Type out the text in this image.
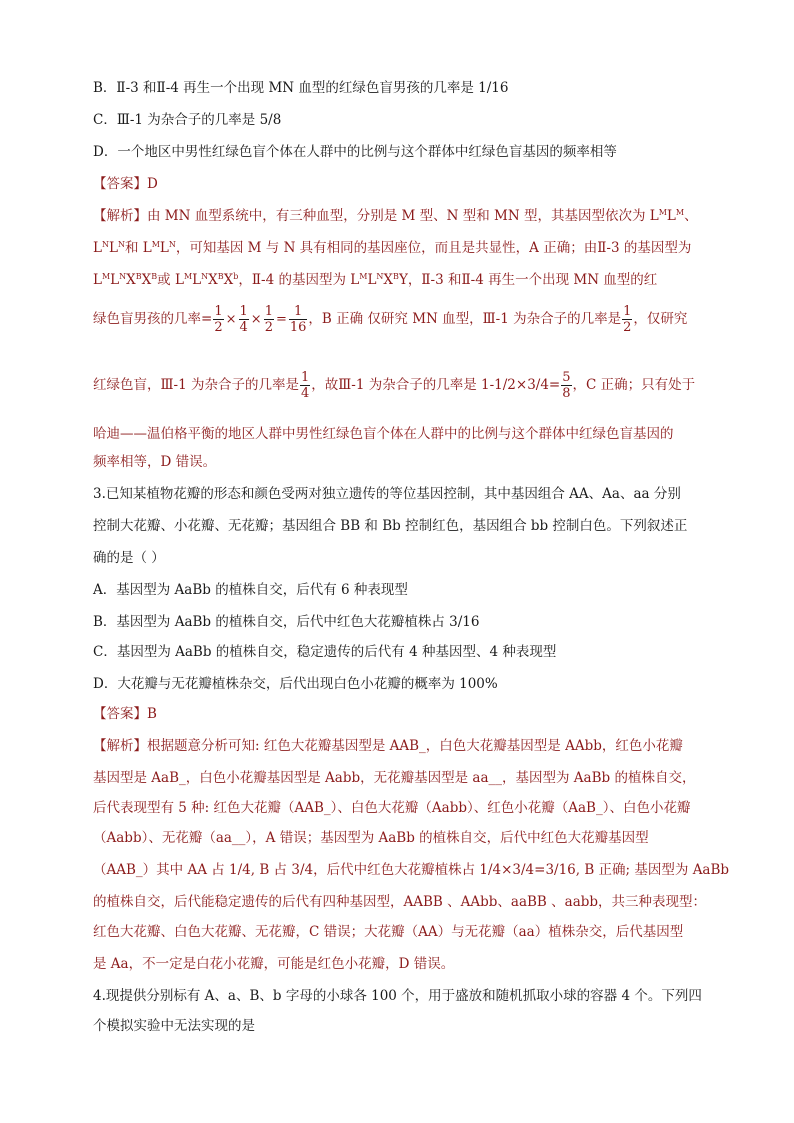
B．Ⅱ-3 和Ⅱ-4 再生一个出现 MN 血型的红绿色盲男孩的几率是 1/16
C．Ⅲ-1 为杂合子的几率是 5/8
D．一个地区中男性红绿色盲个体在人群中的比例与这个群体中红绿色盲基因的频率相等
【答案】D
【解析】由 MN 血型系统中，有三种血型，分别是 M 型、N 型和 MN 型，其基因型依次为 $L^ML^M$、
$L^NL^N$和 $L^ML^N$，可知基因 M 与 N 具有相同的基因座位，而且是共显性，A 正确；由Ⅱ-3 的基因型为
$L^ML^NX^BX^B$或 $L^ML^NX^BX^b$，Ⅱ-4 的基因型为 $L^ML^NX^BY$，Ⅱ-3 和Ⅱ-4 再生一个出现 MN 血型的红
绿色盲男孩的几率= $\frac{1}{2} \times \frac{1}{4} \times \frac{1}{2} = \frac{1}{16}$ ，B 正确 仅研究 MN 血型，Ⅲ-1 为杂合子的几率是 $\frac{1}{2}$ ，仅研究
红绿色盲，Ⅲ-1 为杂合子的几率是 $\frac{1}{4}$ ，故Ⅲ-1 为杂合子的几率是 $1-1/2\times 3/4= \frac{5}{8}$ ，C 正确；只有处于
哈迪——温伯格平衡的地区人群中男性红绿色盲个体在人群中的比例与这个群体中红绿色盲基因的
频率相等，D 错误。
3.已知某植物花瓣的形态和颜色受两对独立遗传的等位基因控制，其中基因组合 AA、Aa、aa 分别
控制大花瓣、小花瓣、无花瓣；基因组合 BB 和 Bb 控制红色，基因组合 bb 控制白色。下列叙述正
确的是（ ）
A．基因型为 AaBb 的植株自交，后代有 6 种表现型
B．基因型为 AaBb 的植株自交，后代中红色大花瓣植株占 3/16
C．基因型为 AaBb 的植株自交，稳定遗传的后代有 4 种基因型、4 种表现型
D．大花瓣与无花瓣植株杂交，后代出现白色小花瓣的概率为 100%
【答案】B
【解析】根据题意分析可知: 红色大花瓣基因型是 AAB_，白色大花瓣基因型是 AAbb，红色小花瓣
基因型是 AaB_，白色小花瓣基因型是 Aabb，无花瓣基因型是 aa__，基因型为 AaBb 的植株自交，
后代表现型有 5 种: 红色大花瓣（AAB_）、白色大花瓣（Aabb）、红色小花瓣（AaB_）、白色小花瓣
（Aabb）、无花瓣（aa__），A 错误；基因型为 AaBb 的植株自交，后代中红色大花瓣基因型
（AAB_）其中 AA 占 1/4, B 占 3/4，后代中红色大花瓣植株占 1/4×3/4=3/16, B 正确; 基因型为 AaBb
的植株自交，后代能稳定遗传的后代有四种基因型，AABB 、AAbb、aaBB 、aabb，共三种表现型：
红色大花瓣、白色大花瓣、无花瓣，C 错误；大花瓣（AA）与无花瓣（aa）植株杂交，后代基因型
是 Aa，不一定是白花小花瓣，可能是红色小花瓣，D 错误。
4.现提供分别标有 A、a、B、b 字母的小球各 100 个，用于盛放和随机抓取小球的容器 4 个。下列四
个模拟实验中无法实现的是
